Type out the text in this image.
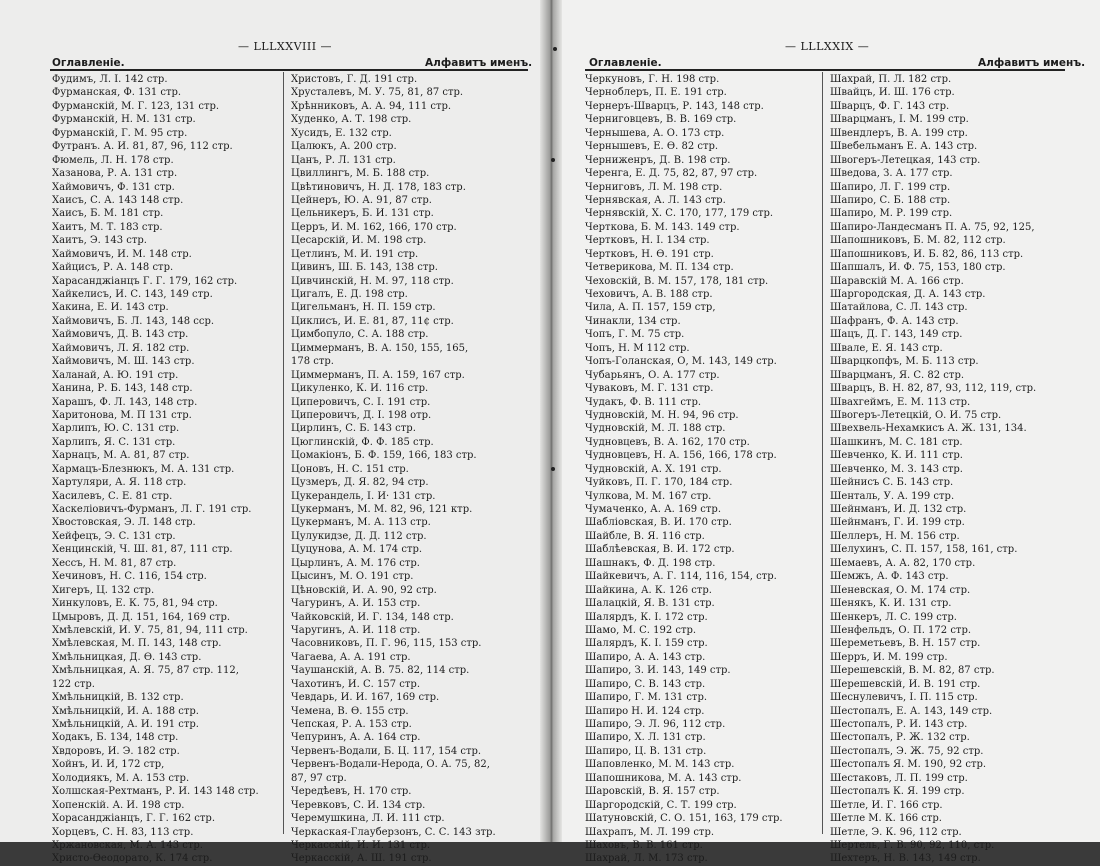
— LLLXXVIII —
Оглавленіе.	Алфавитъ именъ.
Фудимъ, Л. I. 142 стр.
Фурманская, Ф. 131 стр.
Фурманскій, М. Г. 123, 131 стр.
Фурманскій, Н. М. 131 стр.
Фурманскій, Г. М. 95 стр.
Футранъ. А. И. 81, 87, 96, 112 стр.
Фюмель, Л. Н. 178 стр.
Хазанова, Р. А. 131 стр.
Хаймовичъ, Ф. 131 стр.
Хаисъ, С. А. 143 148 стр.
Хаисъ, Б. М. 181 стр.
Хаитъ, М. Т. 183 стр.
Хаитъ, Э. 143 стр.
Хаймовичъ, И. М. 148 стр.
Хайцисъ, Р. А. 148 стр.
Харасанджіанцъ Г. Г. 179, 162 стр.
Хайкелисъ, И. С. 143, 149 стр.
Хакина, Е. И. 143 стр.
Хаймовичъ, Б. Л. 143, 148 сср.
Хаймовичъ, Д. В. 143 стр.
Хаймовичъ, Л. Я. 182 стр.
Хаймовичъ, М. Ш. 143 стр.
Халанай, А. Ю. 191 стр.
Ханина, Р. Б. 143, 148 стр.
Харашъ, Ф. Л. 143, 148 стр.
Харитонова, М. П 131 стр.
Харлипъ, Ю. С. 131 стр.
Харлипъ, Я. С. 131 стр.
Харнацъ, М. А. 81, 87 стр.
Хармацъ-Блезнюкъ, М. А. 131 стр.
Хартуляри, А. Я. 118 стр.
Хасилевъ, С. Е. 81 стр.
Хаскелiовичъ-Фурманъ, Л. Г. 191 стр.
Хвостовская, Э. Л. 148 стр.
Хейфецъ, Э. С. 131 стр.
Хенцинскій, Ч. Ш. 81, 87, 111 стр.
Хессъ, Н. М. 81, 87 стр.
Хечиновъ, Н. С. 116, 154 стр.
Хигеръ, Ц. 132 стр.
Хинкуловъ, Е. К. 75, 81, 94 стр.
Цмыровъ, Д. Д. 151, 164, 169 стр.
Хмѣлевскій, И. У. 75, 81, 94, 111 стр.
Хмѣлевская, М. П. 143, 148 стр.
Хмѣльницкая, Д. Ө. 143 стр.
Хмѣльницкая, А. Я. 75, 87 стр. 112,
122 стр.
Хмѣльницкій, В. 132 стр.
Хмѣльницкій, И. А. 188 стр.
Хмѣльницкій, А. И. 191 стр.
Ходакъ, Б. 134, 148 стр.
Хвдоровъ, И. Э. 182 стр.
Хойнъ, И. И, 172 стр,
Холодиякъ, М. А. 153 стр.
Холшская-Рехтманъ, Р. И. 143 148 стр.
Хопенскій. А. И. 198 стр.
Хорасанджіанцъ, Г. Г. 162 стр.
Хорцевъ, С. Н. 83, 113 стр.
Хржановская, М. А. 143 стр.
Христо-Ѳеодорато, К. 174 стр.
Христовъ, Г. Д. 191 стр.
Хрусталевъ, М. У. 75, 81, 87 стр.
Хрѣнниковъ, А. А. 94, 111 стр.
Худенко, А. Т. 198 стр.
Хусидъ, Е. 132 стр.
Цалюкъ, А. 200 стр.
Цанъ, Р. Л. 131 стр.
Цвиллингъ, М. Б. 188 стр.
Цвѣтиновичъ, Н. Д. 178, 183 стр.
Цейнеръ, Ю. А. 91, 87 стр.
Цельникеръ, Б. И. 131 стр.
Церръ, И. М. 162, 166, 170 стр.
Цесарскій, И. М. 198 стр.
Цетлинъ, М. И. 191 стр.
Цивинъ, Ш. Б. 143, 138 стр.
Цивчинскій, Н. М. 97, 118 стр.
Цигалъ, Е. Д. 198 стр.
Цигельманъ, Н. П. 159 стр.
Циклисъ, И. Е. 81, 87, 11¢ стр.
Цимбопуло, С. А. 188 стр.
Циммерманъ, В. А. 150, 155, 165,
178 стр.
Циммерманъ, П. А. 159, 167 стр.
Цикуленко, К. И. 116 стр.
Циперовичъ, С. I. 191 стр.
Циперовичъ, Д. I. 198 отр.
Цирлинъ, С. Б. 143 стр.
Цюглинскій, Ф. Ф. 185 стр.
Цомакіонъ, Б. Ф. 159, 166, 183 стр.
Цоновъ, Н. С. 151 стр.
Цузмеръ, Д. Я. 82, 94 стр.
Цукерандель, I. И· 131 стр.
Цукерманъ, М. М. 82, 96, 121 ктр.
Цукерманъ, М. А. 113 стр.
Цулукидзе, Д. Д. 112 стр.
Цуцунова, А. М. 174 стр.
Цырлинъ, А. М. 176 стр.
Цысинъ, М. О. 191 стр.
Цѣновскій, И. А. 90, 92 стр.
Чагуринъ, А. И. 153 стр.
Чайковскій, И. Г. 134, 148 стр.
Чаругинъ, А. И. 118 стр.
Часовниковъ, П. Г. 96, 115, 153 стр.
Чагаева, А. А. 191 стр.
Чаушанскій, А. В. 75. 82, 114 стр.
Чахотинъ, И. С. 157 стр.
Чевдарь, И. И. 167, 169 стр.
Чемена, В. Ѳ. 155 стр.
Чепская, Р. А. 153 стр.
Чепуринъ, А. А. 164 стр.
Червенъ-Водали, Б. Ц. 117, 154 стр.
Червенъ-Водали-Нерода, О. А. 75, 82,
87, 97 стр.
Чередѣевъ, Н. 170 стр.
Черевковъ, С. И. 134 стр.
Черемушкина, Л. И. 111 стр.
Черкаская-Глауберзонъ, С. С. 143 зтр.
Черкасскій, И. И. 131 стр.
Черкасскій, А. Ш. 191 стр.
— LLLXXIX —
Оглавленіе.	Алфавитъ именъ.
Черкуновъ, Г. Н. 198 стр.
Черноблеръ, П. Е. 191 стр.
Чернеръ-Шварцъ, Р. 143, 148 стр.
Черниговцевъ, В. В. 169 стр.
Чернышева, А. О. 173 стр.
Чернышевъ, Е. Ѳ. 82 стр.
Черниженръ, Д. В. 198 стр.
Черенга, Е. Д. 75, 82, 87, 97 стр.
Черниговъ, Л. М. 198 стр.
Чернявская, А. Л. 143 стр.
Чернявскій, Х. С. 170, 177, 179 стр.
Черткова, Б. М. 143. 149 стр.
Чертковъ, Н. I. 134 стр.
Чертковъ, Н. Ѳ. 191 стр.
Четверикова, М. П. 134 стр.
Чеховскій, В. М. 157, 178, 181 стр.
Чеховичъ, А. В. 188 стр.
Чила, А. П. 157, 159 стр,
Чинакли, 134 стр.
Чопъ, Г. М. 75 стр.
Чопъ, Н. М 112 стр.
Чопъ-Голанская, О, М. 143, 149 стр.
Чубарьянъ, О. А. 177 стр.
Чуваковъ, М. Г. 131 стр.
Чудакъ, Ф. В. 111 стр.
Чудновскій, М. Н. 94, 96 стр.
Чудновскій, М. Л. 188 стр.
Чудновцевъ, В. А. 162, 170 стр.
Чудновцевъ, Н. А. 156, 166, 178 стр.
Чудновскій, А. Х. 191 стр.
Чуйковъ, П. Г. 170, 184 стр.
Чулкова, М. М. 167 стр.
Чумаченко, А. А. 169 стр.
Шаблiовская, В. И. 170 стр.
Шайбле, В. Я. 116 стр.
Шаблѣевская, В. И. 172 стр.
Шашнакъ, Ф. Д. 198 стр.
Шайкевичъ, А. Г. 114, 116, 154, стр.
Шайкина, А. К. 126 стр.
Шалацкій, Я. В. 131 стр.
Шалярдъ, К. I. 172 стр.
Шамо, М. С. 192 стр.
Шалярдъ, К. I. 159 стр.
Шапиро, А. А. 143 стр.
Шапиро, З. И. 143, 149 стр.
Шапиро, С. В. 143 стр.
Шапиро, Г. М. 131 стр.
Шапиро Н. И. 124 стр.
Шапиро, Э. Л. 96, 112 стр.
Шапиро, Х. Л. 131 стр.
Шапиро, Ц. В. 131 стр.
Шаповленко, М. М. 143 стр.
Шапошникова, М. А. 143 стр.
Шаровскій, В. Я. 157 стр.
Шаргородскій, С. Т. 199 стр.
Шатуновскій, С. О. 151, 163, 179 стр.
Шахрапъ, М. Л. 199 стр.
Шаховъ, В. В. 161 стр.
Шахрай, Л. М. 173 стр.
Шахрай, П. Л. 182 стр.
Швайцъ, И. Ш. 176 стр.
Шварцъ, Ф. Г. 143 стр.
Шварцманъ, I. М. 199 стр.
Швендлеръ, В. А. 199 стр.
Швебельманъ Е. А. 143 стр.
Швогеръ-Летецкая, 143 стр.
Шведова, З. А. 177 стр.
Шапиро, Л. Г. 199 стр.
Шапиро, С. Б. 188 стр.
Шапиро, М. Р. 199 стр.
Шапиро-Ландесманъ П. А. 75, 92, 125,
Шапошниковъ, Б. М. 82, 112 стр.
Шапошниковъ, И. Б. 82, 86, 113 стр.
Шапшалъ, И. Ф. 75, 153, 180 стр.
Шаравскій М. А. 166 стр.
Шаргородская, Д. А. 143 стр.
Шатайлова, С. Л. 143 стр.
Шафранъ, Ф. А. 143 стр.
Шацъ, Д. Г. 143, 149 стр.
Швале, Е. Я. 143 стр.
Шварцкопфъ, М. Б. 113 стр.
Шварцманъ, Я. С. 82 стр.
Шварцъ, В. Н. 82, 87, 93, 112, 119, стр.
Швахгеймъ, Е. М. 113 стр.
Швогеръ-Летецкій, О. И. 75 стр.
Швехвель-Нехамкисъ А. Ж. 131, 134.
Шашкинъ, М. С. 181 стр.
Шевченко, К. И. 111 стр.
Шевченко, М. З. 143 стр.
Шейнисъ С. Б. 143 стр.
Шенталь, У. А. 199 стр.
Шейнманъ, И. Д. 132 стр.
Шейнманъ, Г. И. 199 стр.
Шеллеръ, Н. М. 156 стр.
Шелухинъ, С. П. 157, 158, 161, стр.
Шемаевъ, А. А. 82, 170 стр.
Шемжъ, А. Ф. 143 стр.
Шеневская, О. М. 174 стр.
Шенякъ, К. И. 131 стр.
Шенкеръ, Л. С. 199 стр.
Шенфельдъ, О. П. 172 стр.
Шереметьевъ, В. Н. 157 стр.
Шерръ, И. М. 199 стр.
Шерешевскій, В. М. 82, 87 стр.
Шерешевскій, И. В. 191 стр.
Шеснулевичъ, I. П. 115 стр.
Шестопалъ, Е. А. 143, 149 стр.
Шестопалъ, Р. И. 143 стр.
Шестопалъ, Р. Ж. 132 стр.
Шестопалъ, Э. Ж. 75, 92 стр.
Шестопалъ Я. М. 190, 92 стр.
Шестаковъ, Л. П. 199 стр.
Шестопалъ К. Я. 199 стр.
Шетле, И. Г. 166 стр.
Шетле М. К. 166 стр.
Шетле, Э. К. 96, 112 стр.
Шертель, Г. В. 90, 92, 110, стр.
Шехтеръ, Н. В. 143, 149 стр.
